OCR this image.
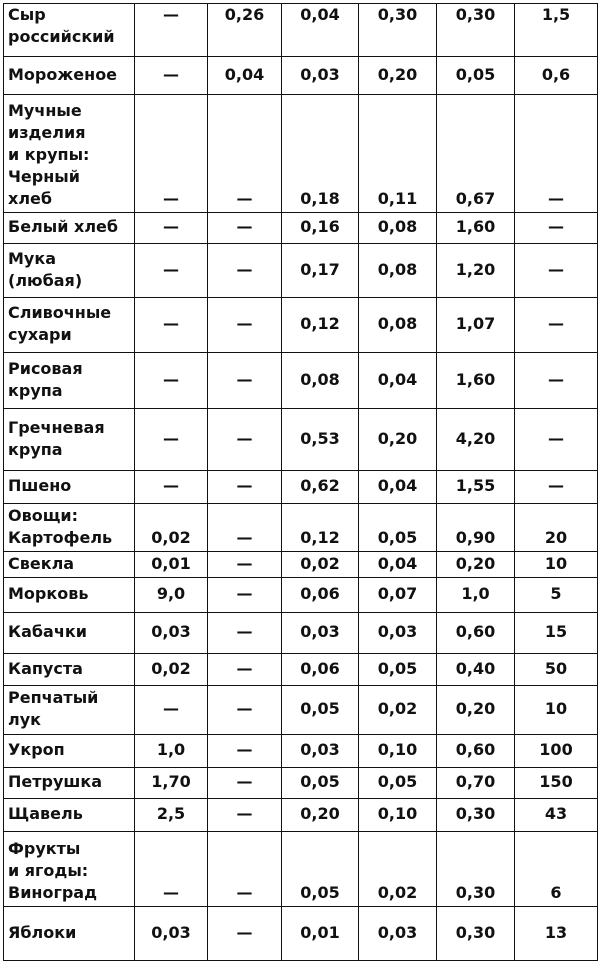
Сыр
российский	—	0,26	0,04	0,30	0,30	1,5

Мороженое	—	0,04	0,03	0,20	0,05	0,6

Мучные
изделия
и крупы:
Черный
хлеб	—	—	0,18	0,11	0,67	—

Белый хлеб	—	—	0,16	0,08	1,60	—

Мука
(любая)	—	—	0,17	0,08	1,20	—

Сливочные
сухари	—	—	0,12	0,08	1,07	—

Рисовая
крупа	—	—	0,08	0,04	1,60	—

Гречневая
крупа	—	—	0,53	0,20	4,20	—

Пшено	—	—	0,62	0,04	1,55	—

Овощи:
Картофель	0,02	—	0,12	0,05	0,90	20

Свекла	0,01	—	0,02	0,04	0,20	10

Морковь	9,0	—	0,06	0,07	1,0	5

Кабачки	0,03	—	0,03	0,03	0,60	15

Капуста	0,02	—	0,06	0,05	0,40	50

Репчатый
лук	—	—	0,05	0,02	0,20	10

Укроп	1,0	—	0,03	0,10	0,60	100

Петрушка	1,70	—	0,05	0,05	0,70	150

Щавель	2,5	—	0,20	0,10	0,30	43

Фрукты
и ягоды:
Виноград	—	—	0,05	0,02	0,30	6

Яблоки	0,03	—	0,01	0,03	0,30	13
